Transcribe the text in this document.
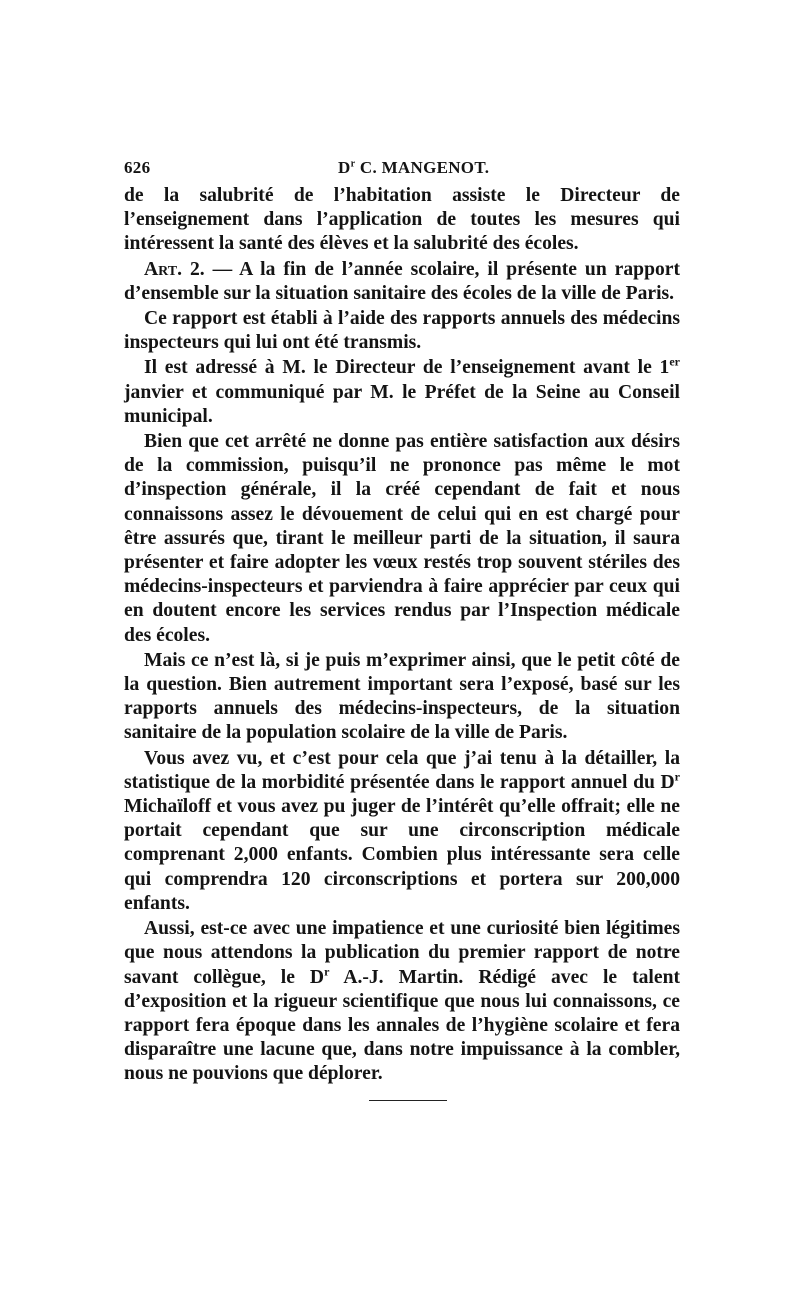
626	$D^r$ C. MANGENOT.

de la salubrité de l’habitation assiste le Directeur de l’enseignement dans l’application de toutes les mesures qui intéressent la santé des élèves et la salubrité des écoles.

Art. 2. — A la fin de l’année scolaire, il présente un rapport d’ensemble sur la situation sanitaire des écoles de la ville de Paris.

Ce rapport est établi à l’aide des rapports annuels des médecins inspecteurs qui lui ont été transmis.

Il est adressé à M. le Directeur de l’enseignement avant le 1er janvier et communiqué par M. le Préfet de la Seine au Conseil municipal.

Bien que cet arrêté ne donne pas entière satisfaction aux désirs de la commission, puisqu’il ne prononce pas même le mot d’inspection générale, il la créé cependant de fait et nous connaissons assez le dévouement de celui qui en est chargé pour être assurés que, tirant le meilleur parti de la situation, il saura présenter et faire adopter les vœux restés trop souvent stériles des médecins-inspecteurs et parviendra à faire apprécier par ceux qui en doutent encore les services rendus par l’Inspection médicale des écoles.

Mais ce n’est là, si je puis m’exprimer ainsi, que le petit côté de la question. Bien autrement important sera l’exposé, basé sur les rapports annuels des médecins-inspecteurs, de la situation sanitaire de la population scolaire de la ville de Paris.

Vous avez vu, et c’est pour cela que j’ai tenu à la détailler, la statistique de la morbidité présentée dans le rapport annuel du $D^r$ Michaïloff et vous avez pu juger de l’intérêt qu’elle offrait; elle ne portait cependant que sur une circonscription médicale comprenant 2,000 enfants. Combien plus intéressante sera celle qui comprendra 120 circonscriptions et portera sur 200,000 enfants.

Aussi, est-ce avec une impatience et une curiosité bien légitimes que nous attendons la publication du premier rapport de notre savant collègue, le $D^r$ A.-J. Martin. Rédigé avec le talent d’exposition et la rigueur scientifique que nous lui connaissons, ce rapport fera époque dans les annales de l’hygiène scolaire et fera disparaître une lacune que, dans notre impuissance à la combler, nous ne pouvions que déplorer.
